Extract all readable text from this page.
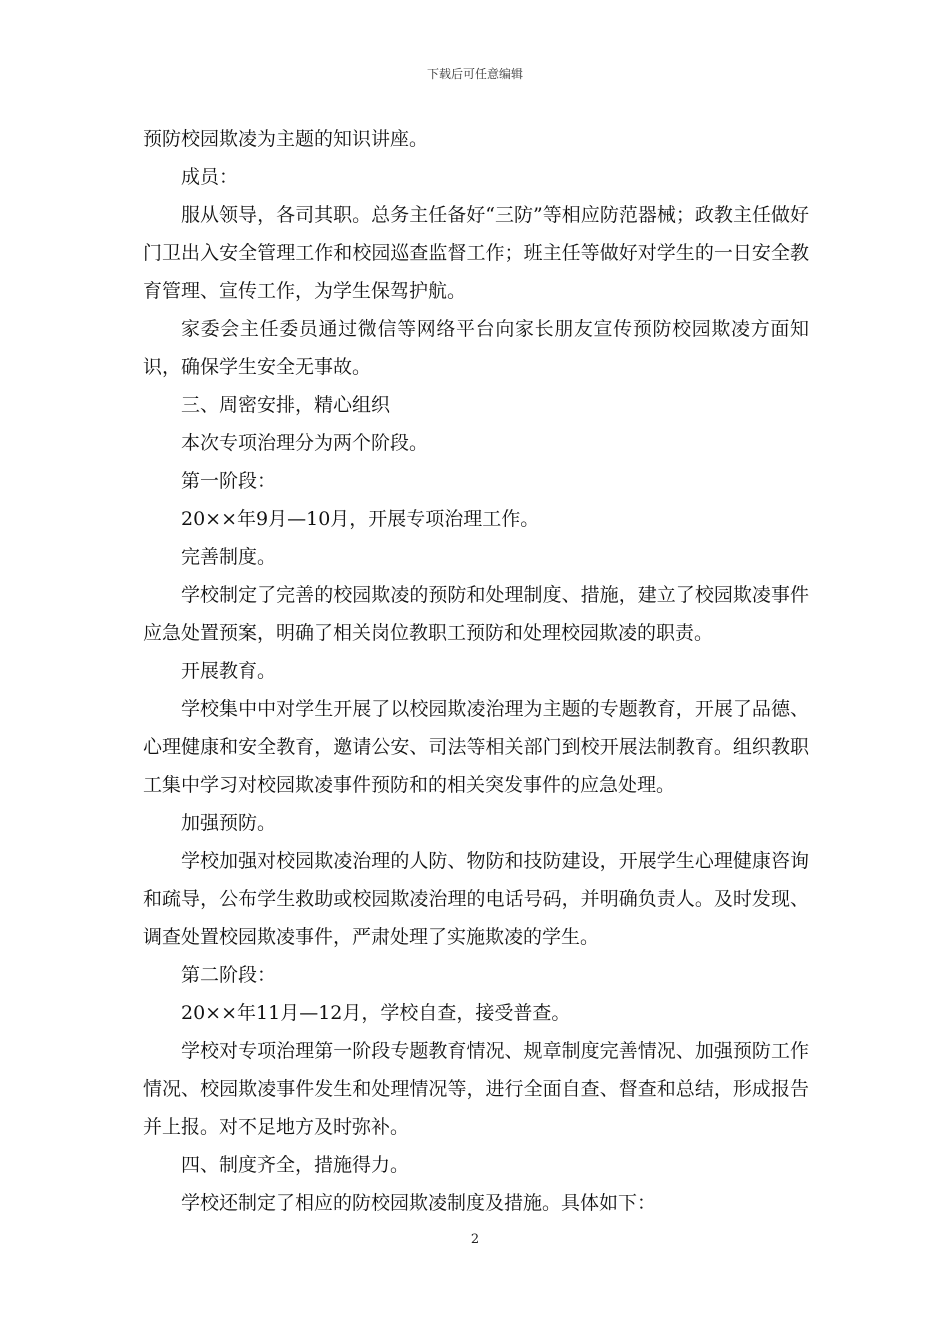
下载后可任意编辑

预防校园欺凌为主题的知识讲座。

成员：

服从领导，各司其职。总务主任备好“三防”等相应防范器械；政教主任做好门卫出入安全管理工作和校园巡查监督工作；班主任等做好对学生的一日安全教育管理、宣传工作，为学生保驾护航。

家委会主任委员通过微信等网络平台向家长朋友宣传预防校园欺凌方面知识，确保学生安全无事故。

三、周密安排，精心组织

本次专项治理分为两个阶段。

第一阶段：

20××年9月—10月，开展专项治理工作。

完善制度。

学校制定了完善的校园欺凌的预防和处理制度、措施，建立了校园欺凌事件应急处置预案，明确了相关岗位教职工预防和处理校园欺凌的职责。

开展教育。

学校集中中对学生开展了以校园欺凌治理为主题的专题教育，开展了品德、心理健康和安全教育，邀请公安、司法等相关部门到校开展法制教育。组织教职工集中学习对校园欺凌事件预防和的相关突发事件的应急处理。

加强预防。

学校加强对校园欺凌治理的人防、物防和技防建设，开展学生心理健康咨询和疏导，公布学生救助或校园欺凌治理的电话号码，并明确负责人。及时发现、调查处置校园欺凌事件，严肃处理了实施欺凌的学生。

第二阶段：

20××年11月—12月，学校自查，接受普查。

学校对专项治理第一阶段专题教育情况、规章制度完善情况、加强预防工作情况、校园欺凌事件发生和处理情况等，进行全面自查、督查和总结，形成报告并上报。对不足地方及时弥补。

四、制度齐全，措施得力。

学校还制定了相应的防校园欺凌制度及措施。具体如下：

2
